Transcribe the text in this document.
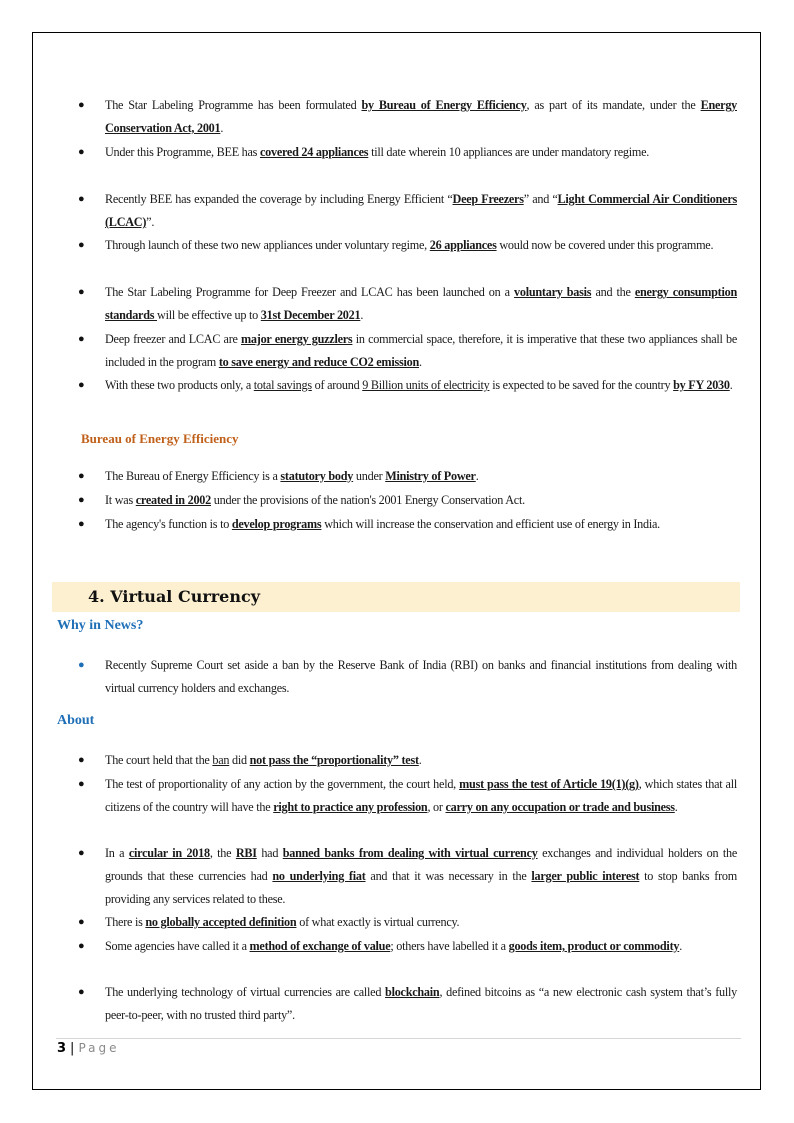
● The Star Labeling Programme has been formulated by Bureau of Energy Efficiency, as part of its mandate, under the Energy Conservation Act, 2001.
● Under this Programme, BEE has covered 24 appliances till date wherein 10 appliances are under mandatory regime.
● Recently BEE has expanded the coverage by including Energy Efficient “Deep Freezers” and “Light Commercial Air Conditioners (LCAC)”.
● Through launch of these two new appliances under voluntary regime, 26 appliances would now be covered under this programme.
● The Star Labeling Programme for Deep Freezer and LCAC has been launched on a voluntary basis and the energy consumption standards will be effective up to 31st December 2021.
● Deep freezer and LCAC are major energy guzzlers in commercial space, therefore, it is imperative that these two appliances shall be included in the program to save energy and reduce CO2 emission.
● With these two products only, a total savings of around 9 Billion units of electricity is expected to be saved for the country by FY 2030.
Bureau of Energy Efficiency
● The Bureau of Energy Efficiency is a statutory body under Ministry of Power.
● It was created in 2002 under the provisions of the nation's 2001 Energy Conservation Act.
● The agency's function is to develop programs which will increase the conservation and efficient use of energy in India.
4. Virtual Currency
Why in News?
● Recently Supreme Court set aside a ban by the Reserve Bank of India (RBI) on banks and financial institutions from dealing with virtual currency holders and exchanges.
About
● The court held that the ban did not pass the “proportionality” test.
● The test of proportionality of any action by the government, the court held, must pass the test of Article 19(1)(g), which states that all citizens of the country will have the right to practice any profession, or carry on any occupation or trade and business.
● In a circular in 2018, the RBI had banned banks from dealing with virtual currency exchanges and individual holders on the grounds that these currencies had no underlying fiat and that it was necessary in the larger public interest to stop banks from providing any services related to these.
● There is no globally accepted definition of what exactly is virtual currency.
● Some agencies have called it a method of exchange of value; others have labelled it a goods item, product or commodity.
● The underlying technology of virtual currencies are called blockchain, defined bitcoins as “a new electronic cash system that’s fully peer-to-peer, with no trusted third party”.
3 | Page
